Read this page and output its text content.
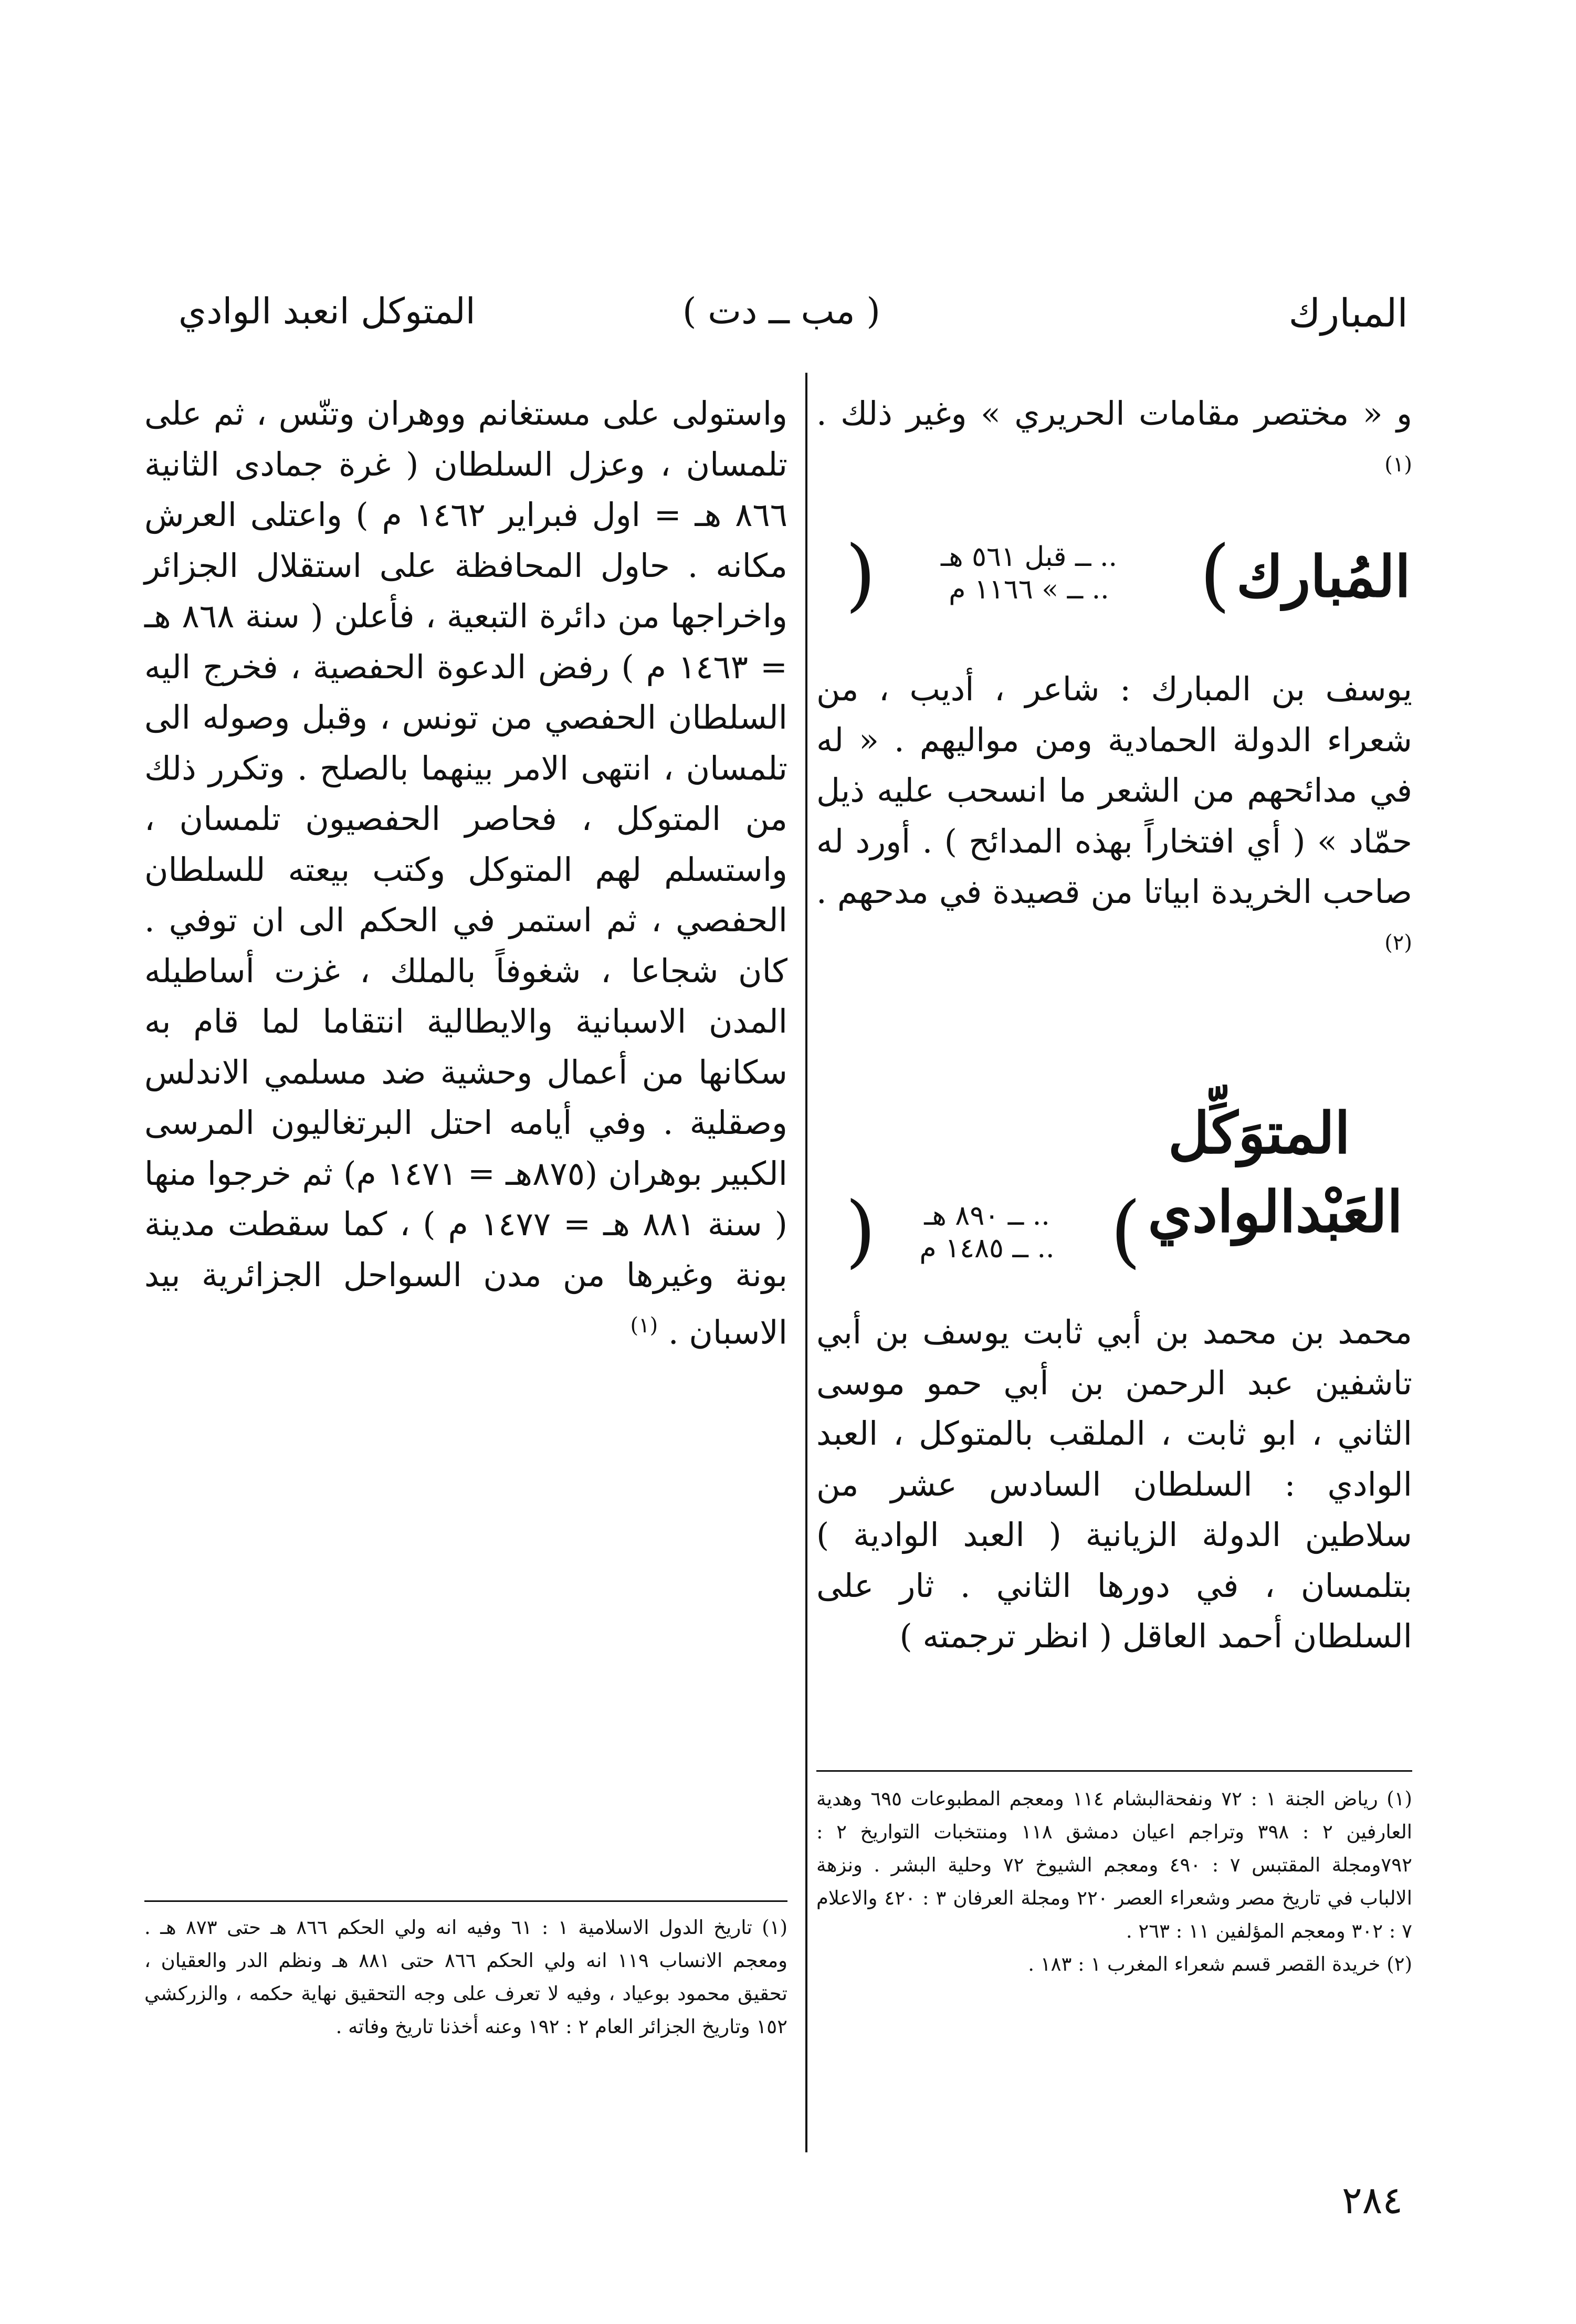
المتوكل انعبد الوادي	( مب ــ دت )	المبارك

و « مختصر مقامات الحريري » وغير ذلك . $^{(١)}$

المُبارك
(
‏.. ــ قبل ٥٦١ هـ
‏.. ــ » ١١٦٦ م
)

يوسف بن المبارك : شاعر ، أديب ، من شعراء الدولة الحمادية ومن مواليهم . « له في مدائحهم من الشعر ما انسحب عليه ذيل حمّاد » ( أي افتخاراً بهذه المدائح ) . أورد له صاحب الخريدة ابياتا من قصيدة في مدحهم . $^{(٢)}$

المتوَكِّل
العَبْدالوادي
(
‏.. ــ ٨٩٠ هـ
‏.. ــ ١٤٨٥ م
)

محمد بن محمد بن أبي ثابت يوسف بن أبي تاشفين عبد الرحمن بن أبي حمو موسى الثاني ، ابو ثابت ، الملقب بالمتوكل ، العبد الوادي : السلطان السادس عشر من سلاطين الدولة الزيانية ( العبد الوادية ) بتلمسان ، في دورها الثاني . ثار على السلطان أحمد العاقل ( انظر ترجمته )

(١) رياض الجنة ١ : ٧٢ ونفحةالبشام ١١٤ ومعجم المطبوعات ٦٩٥ وهدية العارفين ٢ : ٣٩٨ وتراجم اعيان دمشق ١١٨ ومنتخبات التواريخ ٢ : ٧٩٢ومجلة المقتبس ٧ : ٤٩٠ ومعجم الشيوخ ٧٢ وحلية البشر . ونزهة الالباب في تاريخ مصر وشعراء العصر ٢٢٠ ومجلة العرفان ٣ : ٤٢٠ والاعلام ٧ : ٣٠٢ ومعجم المؤلفين ١١ : ٢٦٣ .

(٢) خريدة القصر قسم شعراء المغرب ١ : ١٨٣ .

واستولى على مستغانم ووهران وتنّس ، ثم على تلمسان ، وعزل السلطان ( غرة جمادى الثانية ٨٦٦ هـ = اول فبراير ١٤٦٢ م ) واعتلى العرش مكانه . حاول المحافظة على استقلال الجزائر واخراجها من دائرة التبعية ، فأعلن ( سنة ٨٦٨ هـ = ١٤٦٣ م ) رفض الدعوة الحفصية ، فخرج اليه السلطان الحفصي من تونس ، وقبل وصوله الى تلمسان ، انتهى الامر بينهما بالصلح . وتكرر ذلك من المتوكل ، فحاصر الحفصيون تلمسان ، واستسلم لهم المتوكل وكتب بيعته للسلطان الحفصي ، ثم استمر في الحكم الى ان توفي . كان شجاعا ، شغوفاً بالملك ، غزت أساطيله المدن الاسبانية والايطالية انتقاما لما قام به سكانها من أعمال وحشية ضد مسلمي الاندلس وصقلية . وفي أيامه احتل البرتغاليون المرسى الكبير بوهران (٨٧٥هـ = ١٤٧١ م) ثم خرجوا منها ( سنة ٨٨١ هـ = ١٤٧٧ م ) ، كما سقطت مدينة بونة وغيرها من مدن السواحل الجزائرية بيد الاسبان . $^{(١)}$

(١) تاريخ الدول الاسلامية ١ : ٦١ وفيه انه ولي الحكم ٨٦٦ هـ حتى ٨٧٣ هـ . ومعجم الانساب ١١٩ انه ولي الحكم ٨٦٦ حتى ٨٨١ هـ ونظم الدر والعقيان ، تحقيق محمود بوعياد ، وفيه لا تعرف على وجه التحقيق نهاية حكمه ، والزركشي ١٥٢ وتاريخ الجزائر العام ٢ : ١٩٢ وعنه أخذنا تاريخ وفاته .

٢٨٤
